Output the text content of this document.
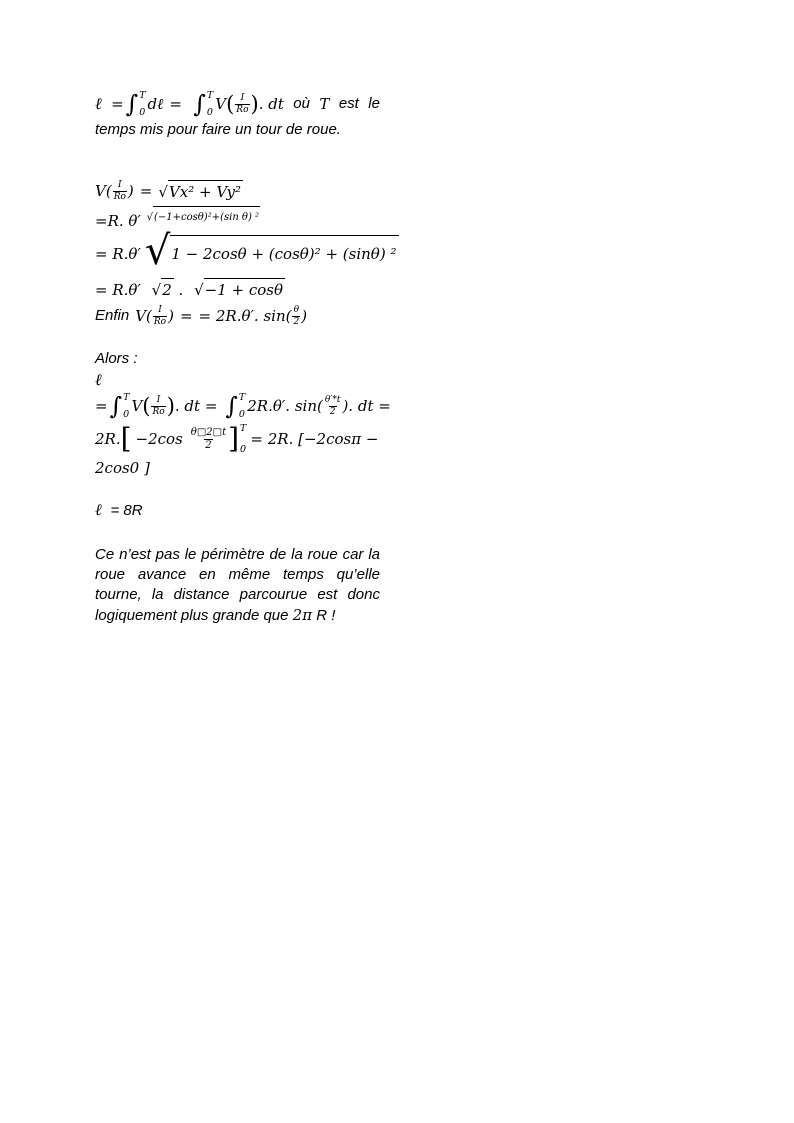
ℓ = ∫ T
0 dℓ = ∫ T
0 V ( $\frac{I}{Ro}$ ) . dt où T est le
temps mis pour faire un tour de roue.
V ( $\frac{I}{Ro}$ ) = √ Vx² + Vy²
=R. θ′ √ (−1+cosθ)²+(sin θ) ²
= R.θ′ √ 1 − 2cosθ + (cosθ)² + (sinθ) ²
= R.θ′ √ 2 . √ −1 + cosθ
Enfin V ( $\frac{I}{Ro}$ ) = = 2R.θ′. $\sin( \frac{\theta}{2}$ )
Alors :
ℓ
= ∫ T
0 V ( $\frac{I}{Ro}$ ) . dt = ∫ T
0 2R.θ′. $\sin( \frac{\theta'*t}{2}$ ). dt =
2R. [ $-2\cos \frac{\theta□2□t}{2}$ ] T
0
= 2R. [−2cosπ −
2cos0 ]
ℓ = 8R

Ce n’est pas le périmètre de la roue car la roue avance en même temps qu’elle tourne, la distance parcourue est donc logiquement plus grande que 2π R !
